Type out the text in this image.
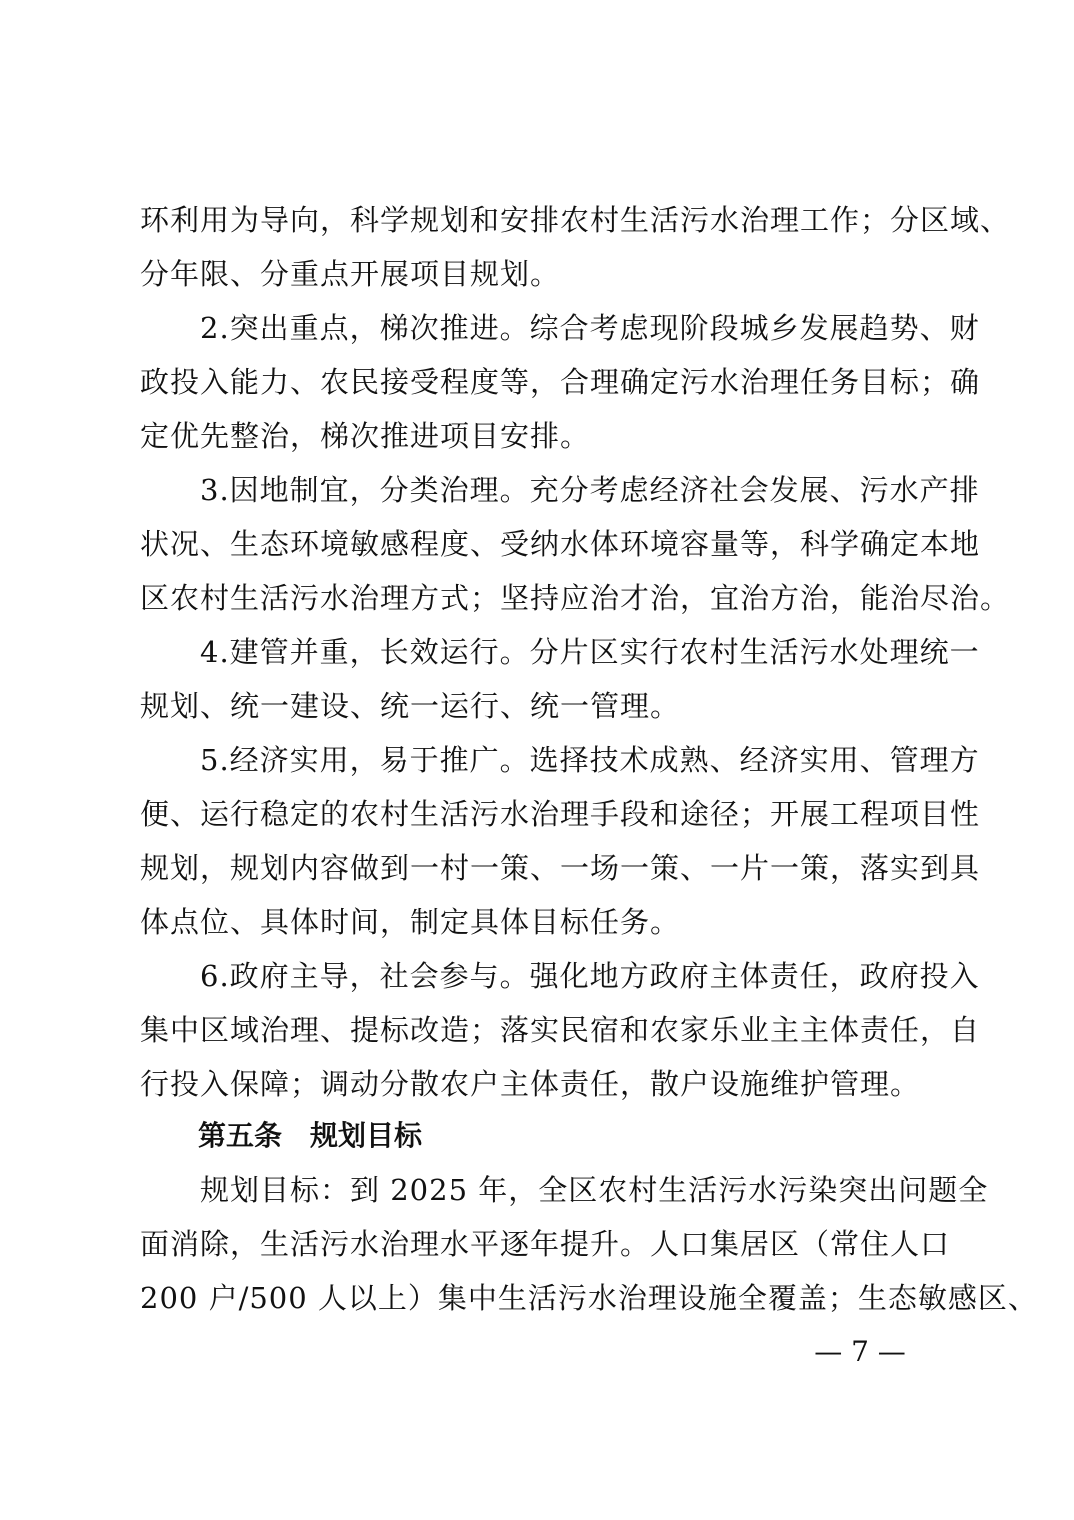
环利用为导向，科学规划和安排农村生活污水治理工作；分区域、
分年限、分重点开展项目规划。
2.突出重点，梯次推进。综合考虑现阶段城乡发展趋势、财
政投入能力、农民接受程度等，合理确定污水治理任务目标；确
定优先整治，梯次推进项目安排。
3.因地制宜，分类治理。充分考虑经济社会发展、污水产排
状况、生态环境敏感程度、受纳水体环境容量等，科学确定本地
区农村生活污水治理方式；坚持应治才治，宜治方治，能治尽治。
4.建管并重，长效运行。分片区实行农村生活污水处理统一
规划、统一建设、统一运行、统一管理。
5.经济实用，易于推广。选择技术成熟、经济实用、管理方
便、运行稳定的农村生活污水治理手段和途径；开展工程项目性
规划，规划内容做到一村一策、一场一策、一片一策，落实到具
体点位、具体时间，制定具体目标任务。
6.政府主导，社会参与。强化地方政府主体责任，政府投入
集中区域治理、提标改造；落实民宿和农家乐业主主体责任，自
行投入保障；调动分散农户主体责任，散户设施维护管理。
第五条　规划目标
规划目标：到 2025 年，全区农村生活污水污染突出问题全
面消除，生活污水治理水平逐年提升。人口集居区（常住人口
200 户/500 人以上）集中生活污水治理设施全覆盖；生态敏感区、
— 7 —
